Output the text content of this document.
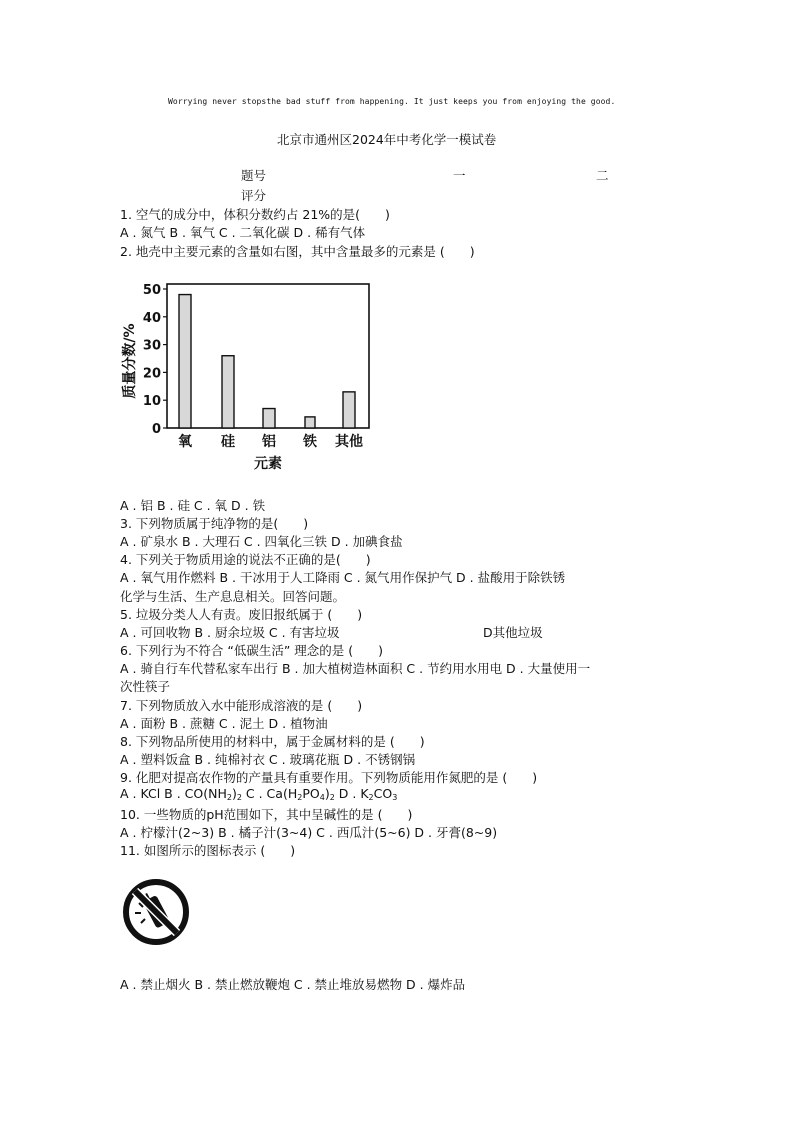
Worrying never stopsthe bad stuff from happening. It just keeps you from enjoying the good.
北京市通州区2024年中考化学一模试卷
题号	一	二
评分
1. 空气的成分中，体积分数约占 21%的是(　　)
A . 氮气 B . 氧气 C . 二氧化碳 D . 稀有气体
2. 地壳中主要元素的含量如右图，其中含量最多的元素是 (　　)
0
10
20
30
40
50
氧 硅 铝 铁 其他
质量分数/%
元素
A . 铝 B . 硅 C . 氧 D . 铁
3. 下列物质属于纯净物的是(　　)
A . 矿泉水 B . 大理石 C . 四氧化三铁 D . 加碘食盐
4. 下列关于物质用途的说法不正确的是(　　)
A . 氧气用作燃料 B . 干冰用于人工降雨 C . 氮气用作保护气 D . 盐酸用于除铁锈
化学与生活、生产息息相关。回答问题。
5. 垃圾分类人人有责。废旧报纸属于 (　　)
A . 可回收物 B . 厨余垃圾 C . 有害垃圾	D其他垃圾
6. 下列行为不符合 “低碳生活” 理念的是 (　　)
A . 骑自行车代替私家车出行 B . 加大植树造林面积 C . 节约用水用电 D . 大量使用一
次性筷子
7. 下列物质放入水中能形成溶液的是 (　　)
A . 面粉 B . 蔗糖 C . 泥土 D . 植物油
8. 下列物品所使用的材料中，属于金属材料的是 (　　)
A . 塑料饭盒 B . 纯棉衬衣 C . 玻璃花瓶 D . 不锈钢锅
9. 化肥对提高农作物的产量具有重要作用。下列物质能用作氮肥的是 (　　)
A . KCl B . $CO(NH_2)_2$ C . $Ca(H_2PO_4)_2$ D . $K_2CO_3$
10. 一些物质的pH范围如下，其中呈碱性的是 (　　)
A . 柠檬汁(2~3) B . 橘子汁(3~4) C . 西瓜汁(5~6) D . 牙膏(8~9)
11. 如图所示的图标表示 (　　)
A . 禁止烟火 B . 禁止燃放鞭炮 C . 禁止堆放易燃物 D . 爆炸品
